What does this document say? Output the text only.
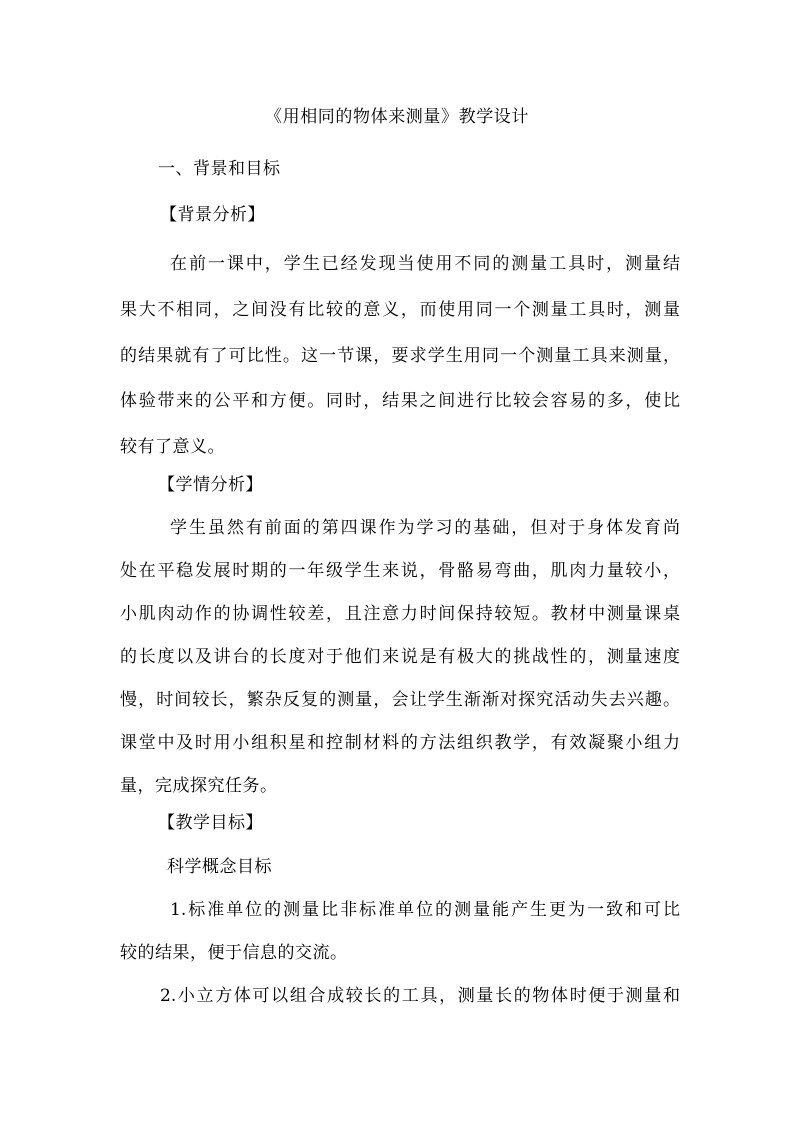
《用相同的物体来测量》教学设计
一、背景和目标
【背景分析】
在前一课中，学生已经发现当使用不同的测量工具时，测量结
果大不相同，之间没有比较的意义，而使用同一个测量工具时，测量
的结果就有了可比性。这一节课，要求学生用同一个测量工具来测量，
体验带来的公平和方便。同时，结果之间进行比较会容易的多，使比
较有了意义。
【学情分析】
学生虽然有前面的第四课作为学习的基础，但对于身体发育尚
处在平稳发展时期的一年级学生来说，骨骼易弯曲，肌肉力量较小，
小肌肉动作的协调性较差，且注意力时间保持较短。教材中测量课桌
的长度以及讲台的长度对于他们来说是有极大的挑战性的，测量速度
慢，时间较长，繁杂反复的测量，会让学生渐渐对探究活动失去兴趣。
课堂中及时用小组积星和控制材料的方法组织教学，有效凝聚小组力
量，完成探究任务。
【教学目标】
科学概念目标
1.标准单位的测量比非标准单位的测量能产生更为一致和可比
较的结果，便于信息的交流。
2.小立方体可以组合成较长的工具，测量长的物体时便于测量和
